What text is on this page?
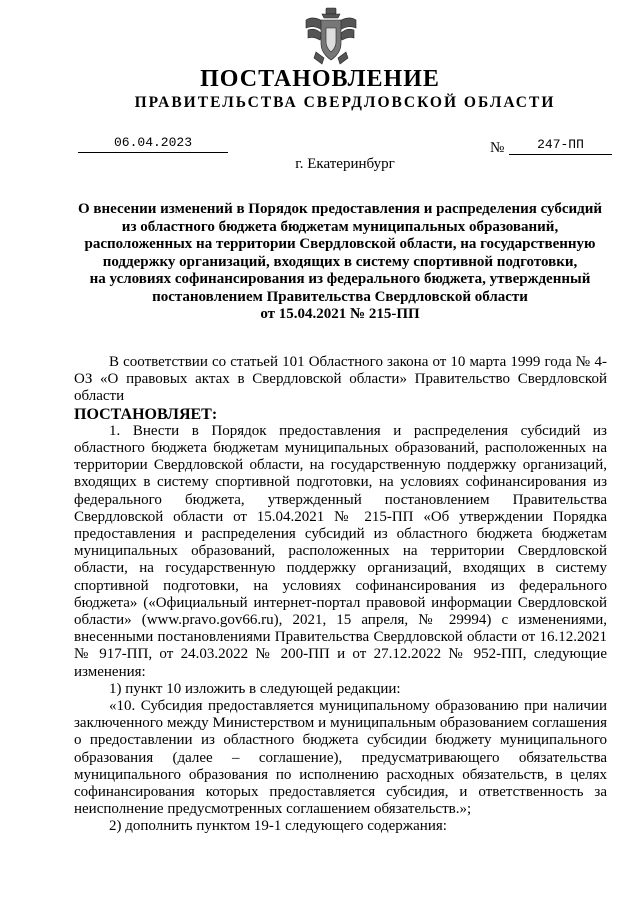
ПОСТАНОВЛЕНИЕ
ПРАВИТЕЛЬСТВА СВЕРДЛОВСКОЙ ОБЛАСТИ
06.04.2023	№	247-ПП
г. Екатеринбург
О внесении изменений в Порядок предоставления и распределения субсидий
из областного бюджета бюджетам муниципальных образований,
расположенных на территории Свердловской области, на государственную
поддержку организаций, входящих в систему спортивной подготовки,
на условиях софинансирования из федерального бюджета, утвержденный
постановлением Правительства Свердловской области
от 15.04.2021 № 215-ПП

В соответствии со статьей 101 Областного закона от 10 марта 1999 года № 4-ОЗ «О правовых актах в Свердловской области» Правительство Свердловской области

ПОСТАНОВЛЯЕТ:

1. Внести в Порядок предоставления и распределения субсидий из областного бюджета бюджетам муниципальных образований, расположенных на территории Свердловской области, на государственную поддержку организаций, входящих в систему спортивной подготовки, на условиях софинансирования из федерального бюджета, утвержденный постановлением Правительства Свердловской области от 15.04.2021 № 215-ПП «Об утверждении Порядка предоставления и распределения субсидий из областного бюджета бюджетам муниципальных образований, расположенных на территории Свердловской области, на государственную поддержку организаций, входящих в систему спортивной подготовки, на условиях софинансирования из федерального бюджета» («Официальный интернет-портал правовой информации Свердловской области» (www.pravo.gov66.ru), 2021, 15 апреля, № 29994) с изменениями, внесенными постановлениями Правительства Свердловской области от 16.12.2021 № 917-ПП, от 24.03.2022 № 200-ПП и от 27.12.2022 № 952-ПП, следующие изменения:

1) пункт 10 изложить в следующей редакции:

«10. Субсидия предоставляется муниципальному образованию при наличии заключенного между Министерством и муниципальным образованием соглашения о предоставлении из областного бюджета субсидии бюджету муниципального образования (далее – соглашение), предусматривающего обязательства муниципального образования по исполнению расходных обязательств, в целях софинансирования которых предоставляется субсидия, и ответственность за неисполнение предусмотренных соглашением обязательств.»;

2) дополнить пунктом 19-1 следующего содержания:
